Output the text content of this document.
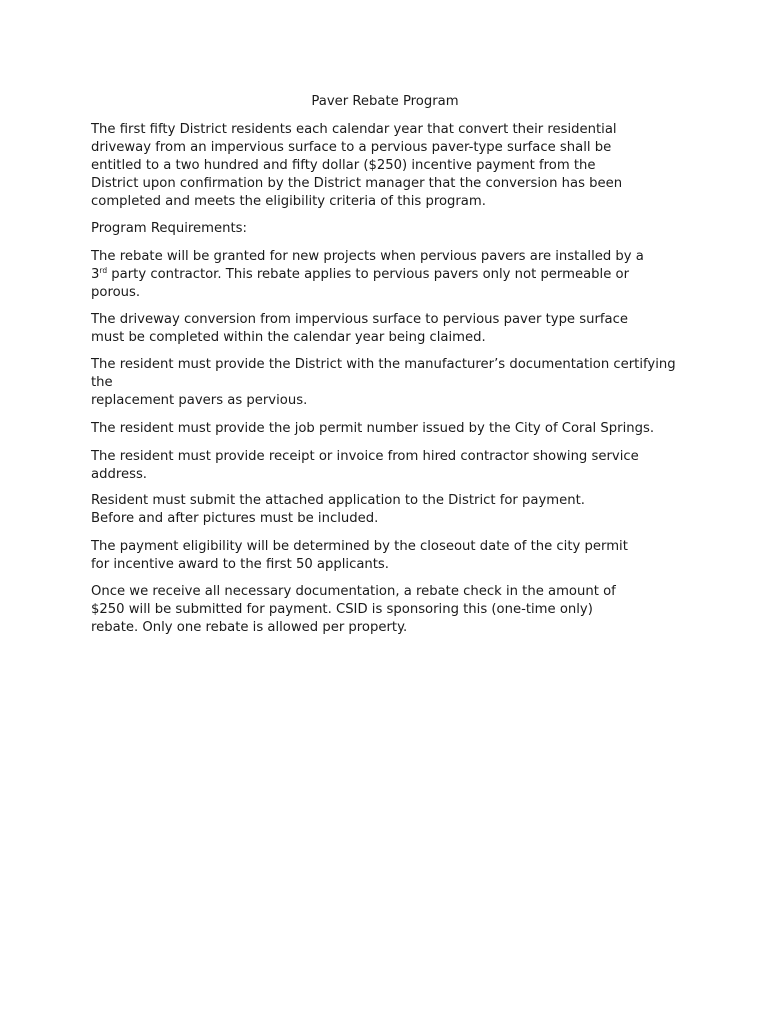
Paver Rebate Program

The first fifty District residents each calendar year that convert their residential
driveway from an impervious surface to a pervious paver-type surface shall be
entitled to a two hundred and fifty dollar ($250) incentive payment from the
District upon confirmation by the District manager that the conversion has been
completed and meets the eligibility criteria of this program.

Program Requirements:

The rebate will be granted for new projects when pervious pavers are installed by a
3rd party contractor. This rebate applies to pervious pavers only not permeable or
porous.

The driveway conversion from impervious surface to pervious paver type surface
must be completed within the calendar year being claimed.

The resident must provide the District with the manufacturer’s documentation certifying
the
replacement pavers as pervious.

The resident must provide the job permit number issued by the City of Coral Springs.

The resident must provide receipt or invoice from hired contractor showing service
address.

Resident must submit the attached application to the District for payment.
Before and after pictures must be included.

The payment eligibility will be determined by the closeout date of the city permit
for incentive award to the first 50 applicants.

Once we receive all necessary documentation, a rebate check in the amount of
$250 will be submitted for payment. CSID is sponsoring this (one-time only)
rebate. Only one rebate is allowed per property.
